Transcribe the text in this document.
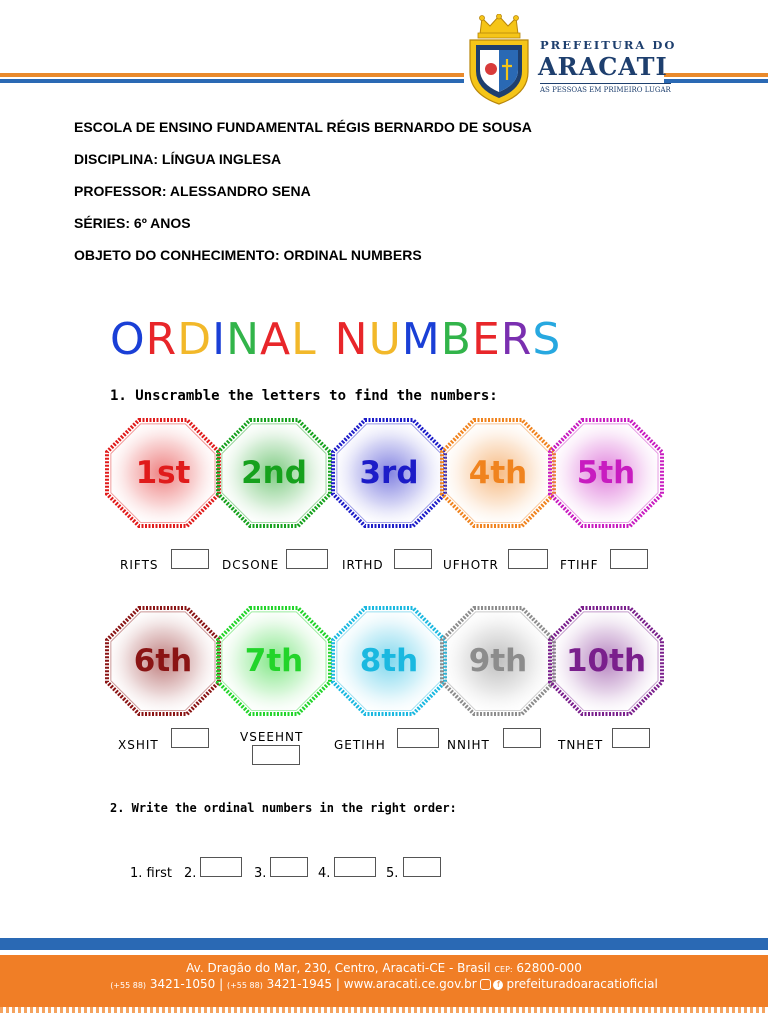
PREFEITURA DO
ARACATI
AS PESSOAS EM PRIMEIRO LUGAR
ESCOLA DE ENSINO FUNDAMENTAL RÉGIS BERNARDO DE SOUSA
DISCIPLINA: LÍNGUA INGLESA
PROFESSOR: ALESSANDRO SENA
SÉRIES: 6º ANOS
OBJETO DO CONHECIMENTO: ORDINAL NUMBERS
ORDINAL NUMBERS
1. Unscramble the letters to find the numbers:
1st	2nd	3rd	4th	5th
6th	7th	8th	9th	10th
RIFTS	DCSONE	IRTHD	UFHOTR	FTIHF
XSHIT
VSEEHNT
GETIHH	NNIHT	TNHET
2. Write the ordinal numbers in the right order:
1. first 2.	3.	4.	5.
Av. Dragão do Mar, 230, Centro, Aracati-CE - Brasil CEP: 62800-000
(+55 88) 3421-1050 | (+55 88) 3421-1945 | www.aracati.ce.gov.br	f prefeituradoaracatioficial
